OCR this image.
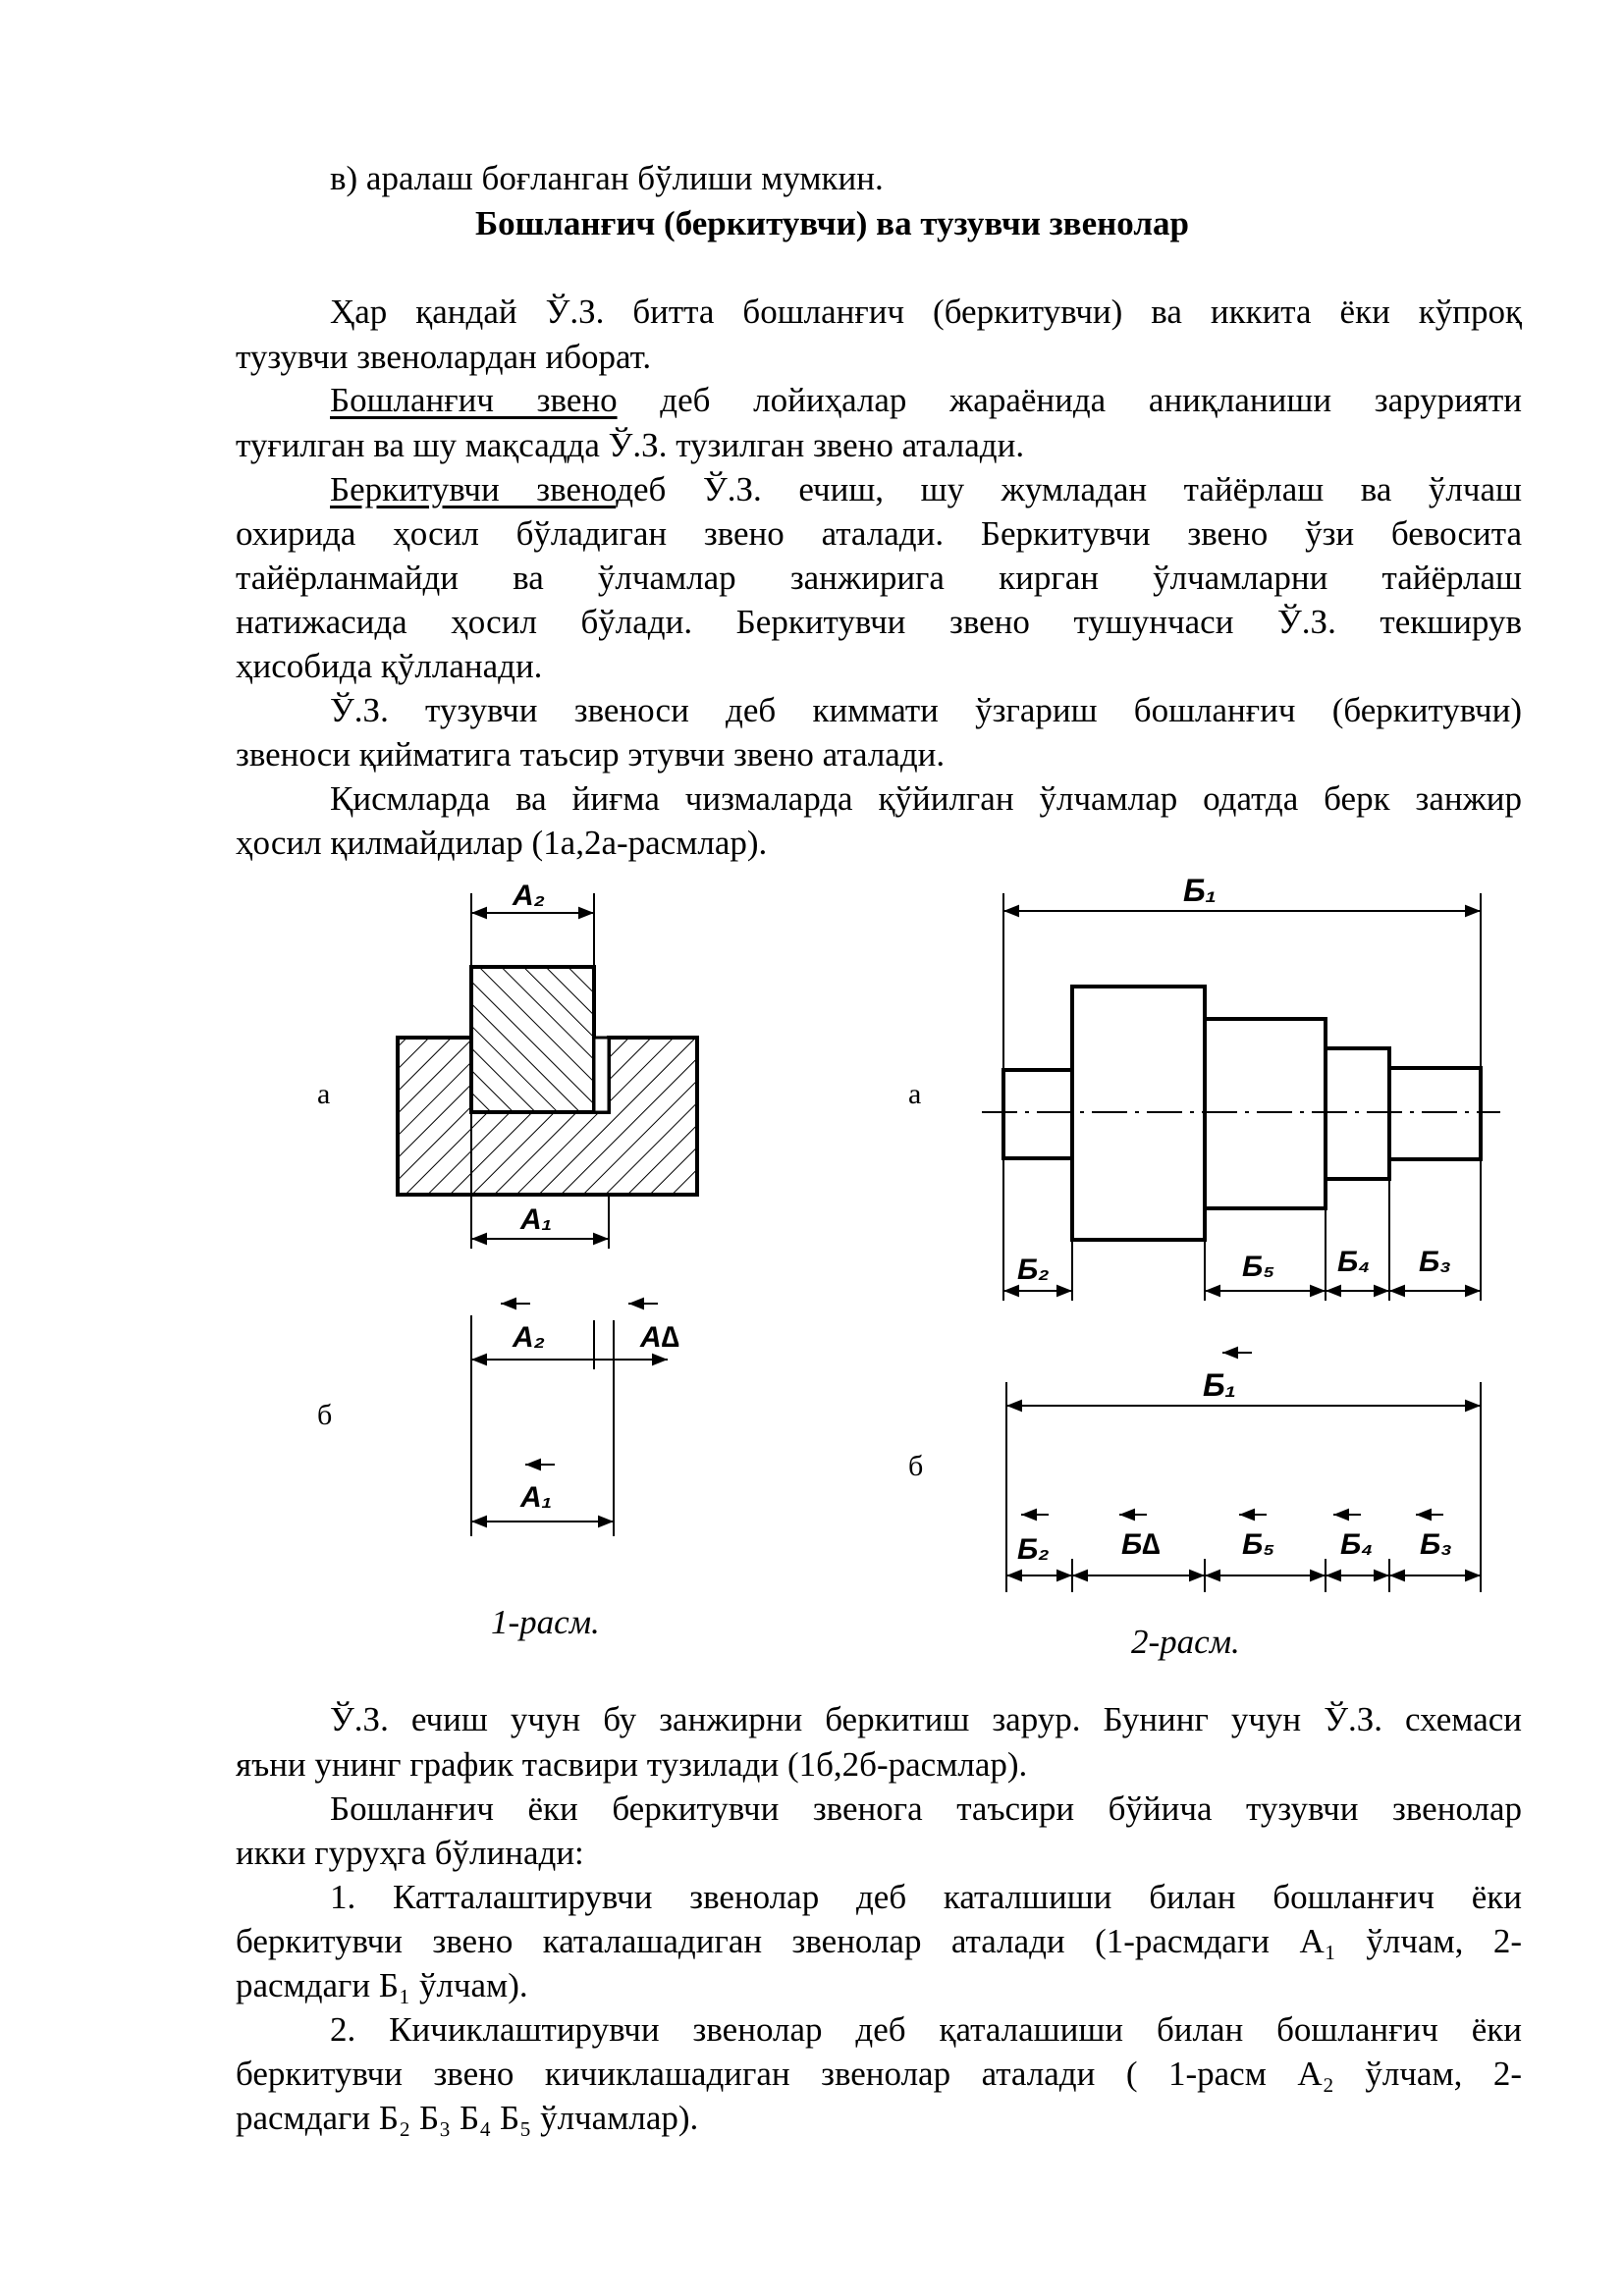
в) аралаш боғланган бўлиши мумкин.
Бошланғич (беркитувчи) ва тузувчи звенолар
Ҳар қандай Ў.З. битта бошланғич (беркитувчи) ва иккита ёки кўпроқ
тузувчи звенолардан иборат.
Бошланғич звено деб лойиҳалар жараёнида аниқланиши зарурияти
туғилган ва шу мақсадда Ў.З. тузилган звено аталади.
Беркитувчи звенодеб Ў.З. ечиш, шу жумладан тайёрлаш ва ўлчаш
охирида ҳосил бўладиган звено аталади. Беркитувчи звено ўзи бевосита
тайёрланмайди ва ўлчамлар занжирига кирган ўлчамларни тайёрлаш
натижасида ҳосил бўлади. Беркитувчи звено тушунчаси Ў.З. текширув
ҳисобида қўлланади.
Ў.З. тузувчи звеноси деб киммати ўзгариш бошланғич (беркитувчи)
звеноси қийматига таъсир этувчи звено аталади.
Қисмларда ва йиғма чизмаларда қўйилган ўлчамлар одатда берк занжир
ҳосил қилмайдилар (1а,2а-расмлар).
а	а
б
б
А₂
А₁
А₂	А∆
А₁
Б₁
Б₂	Б₅ Б₄ Б₃
Б₁
Б₂ Б∆	Б₅ Б₄ Б₃
1-расм.
2-расм.
Ў.З. ечиш учун бу занжирни беркитиш зарур. Бунинг учун Ў.З. схемаси
яъни унинг график тасвири тузилади (1б,2б-расмлар).
Бошланғич ёки беркитувчи звенога таъсири бўйича тузувчи звенолар
икки гуруҳга бўлинади:
1. Катталаштирувчи звенолар деб каталшиши билан бошланғич ёки
беркитувчи звено каталашадиган звенолар аталади (1-расмдаги А₁ ўлчам, 2-
расмдаги Б₁ ўлчам).
2. Кичиклаштирувчи звенолар деб қаталашиши билан бошланғич ёки
беркитувчи звено кичиклашадиган звенолар аталади ( 1-расм А₂ ўлчам, 2-
расмдаги Б₂ Б₃ Б₄ Б₅ ўлчамлар).
